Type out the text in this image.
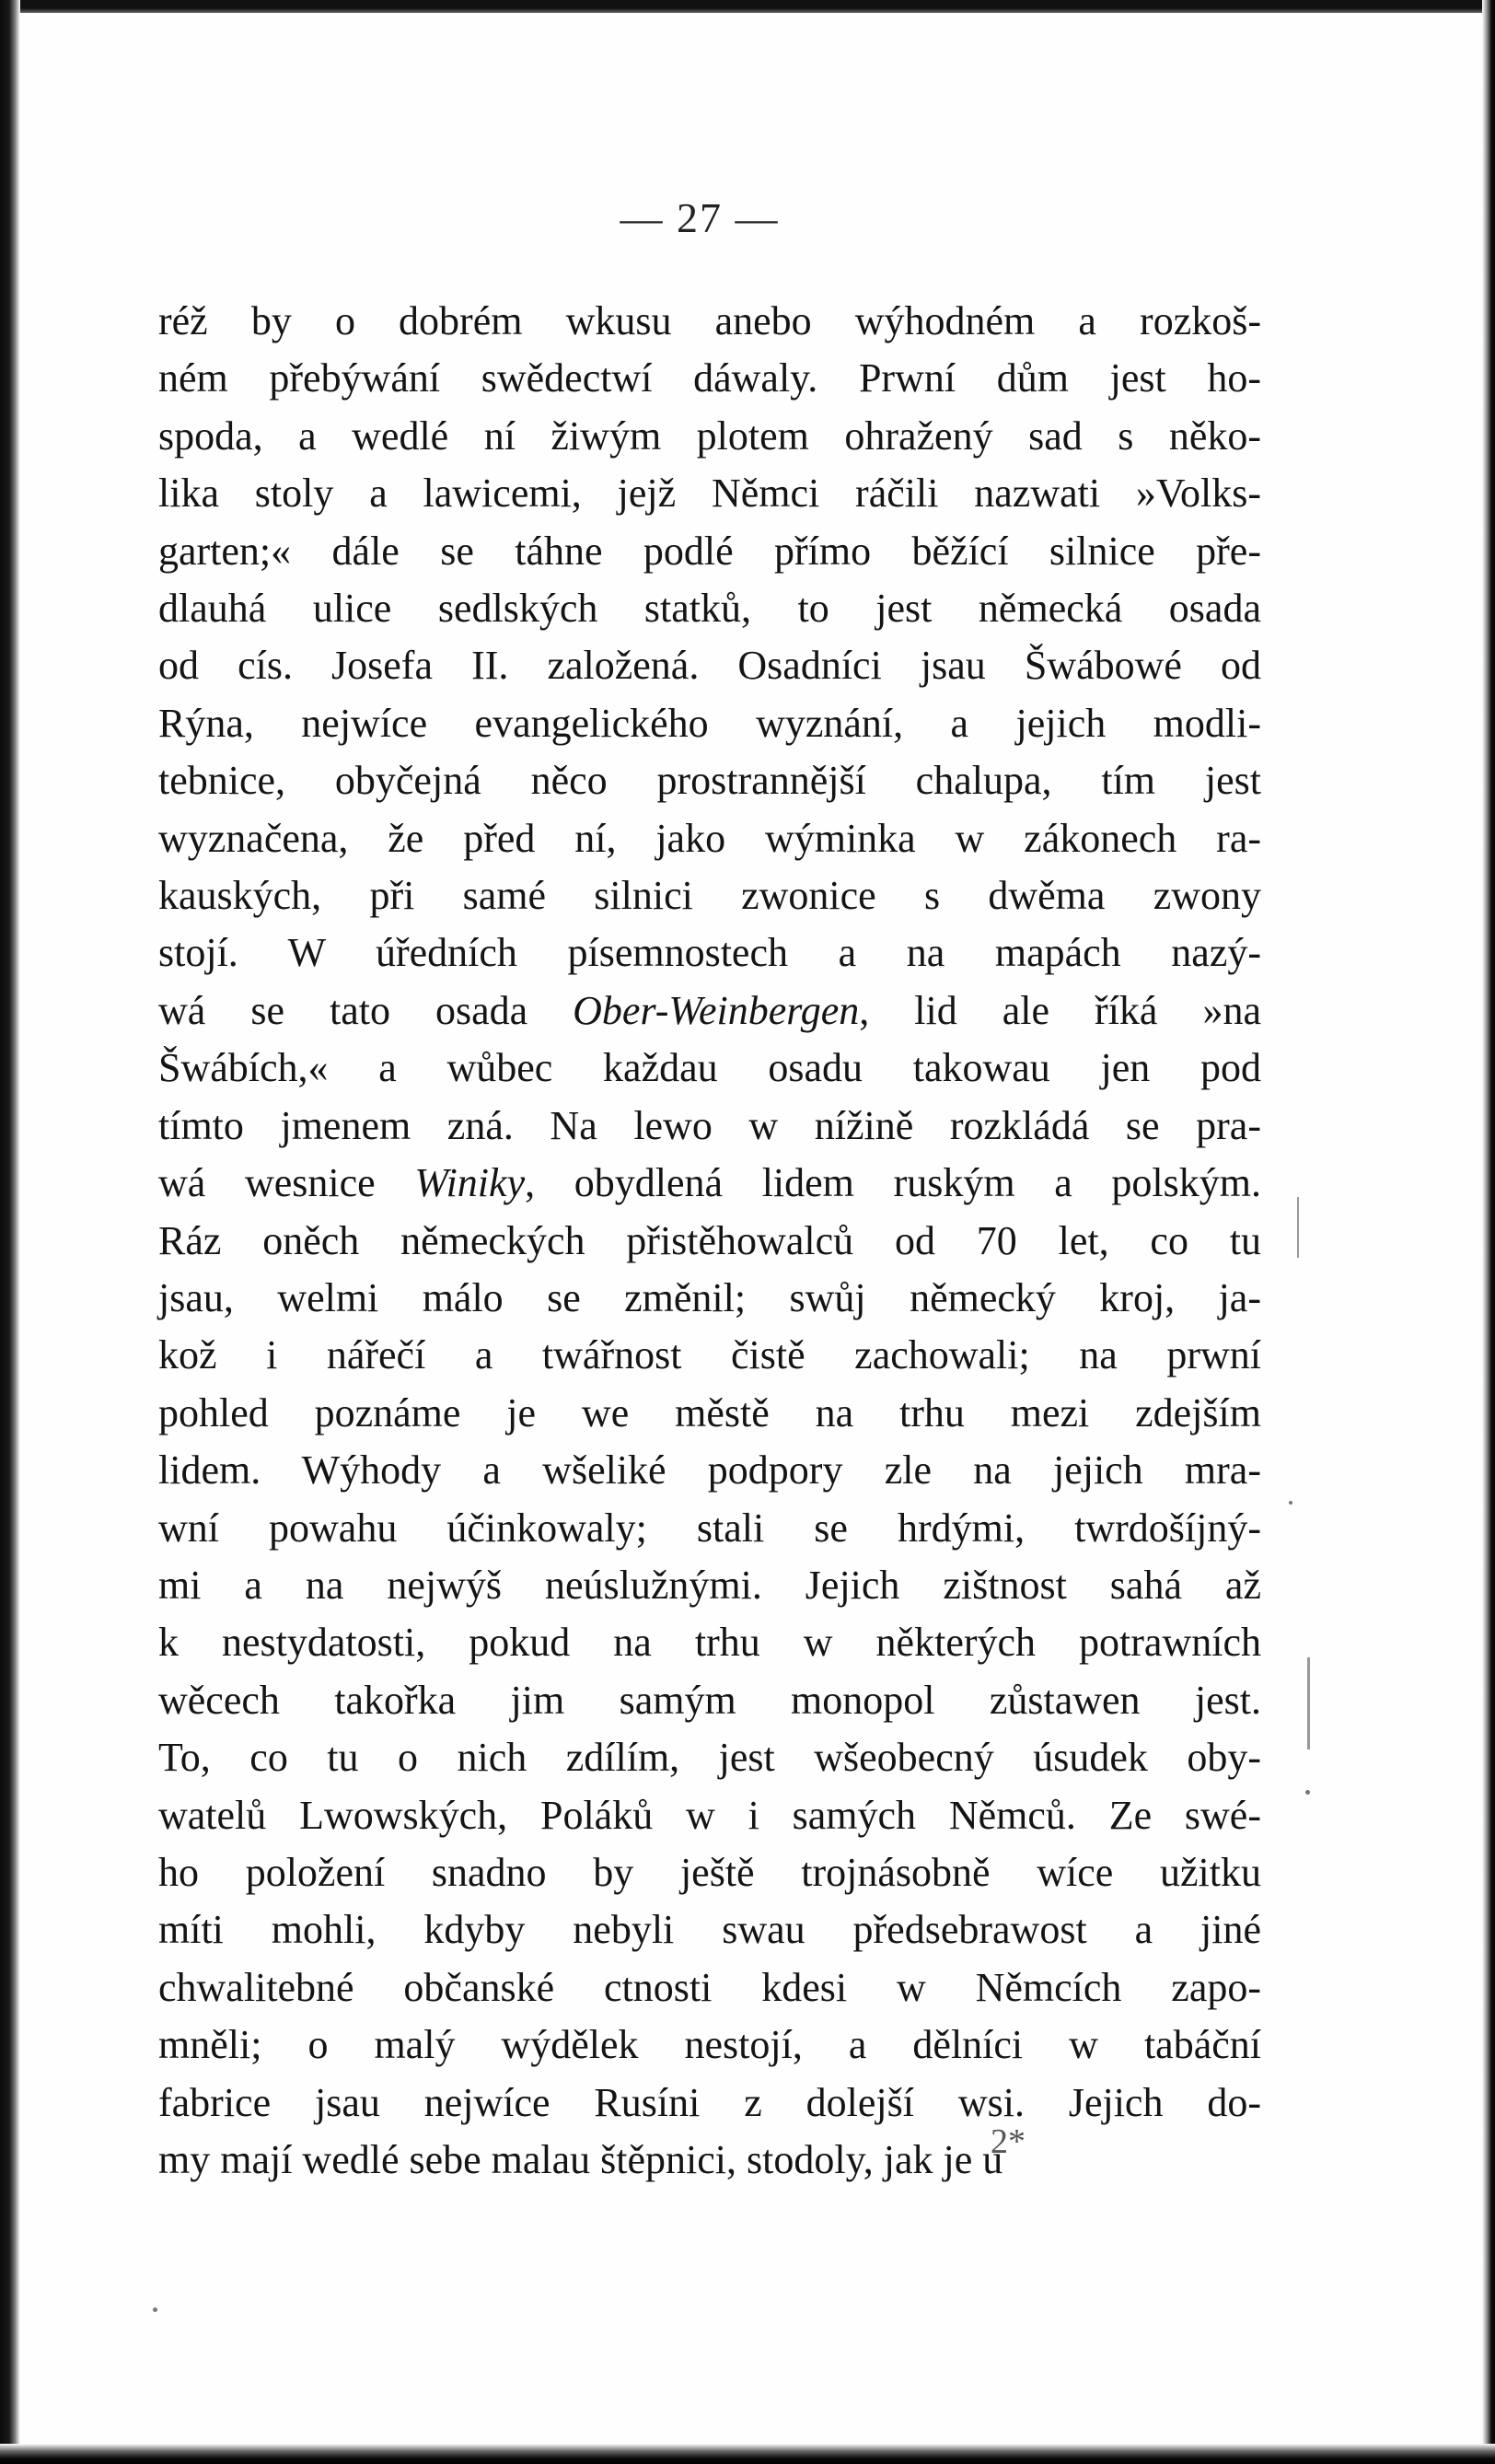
— 27 —
réž by o dobrém wkusu anebo wýhodném a rozkoš-
ném přebýwání swědectwí dáwaly. Prwní dům jest ho-
spoda, a wedlé ní žiwým plotem ohražený sad s něko-
lika stoly a lawicemi, jejž Němci ráčili nazwati »Volks-
garten;« dále se táhne podlé přímo běžící silnice pře-
dlauhá ulice sedlských statků, to jest německá osada
od cís. Josefa II. založená. Osadníci jsau Šwábowé od
Rýna, nejwíce evangelického wyznání, a jejich modli-
tebnice, obyčejná něco prostrannější chalupa, tím jest
wyznačena, že před ní, jako wýminka w zákonech ra-
kauských, při samé silnici zwonice s dwěma zwony
stojí. W úředních písemnostech a na mapách nazý-
wá se tato osada Ober-Weinbergen, lid ale říká »na
Šwábích,« a wůbec každau osadu takowau jen pod
tímto jmenem zná. Na lewo w nížině rozkládá se pra-
wá wesnice Winiky, obydlená lidem ruským a polským.
Ráz oněch německých přistěhowalců od 70 let, co tu
jsau, welmi málo se změnil; swůj německý kroj, ja-
kož i nářečí a twářnost čistě zachowali; na prwní
pohled poznáme je we městě na trhu mezi zdejším
lidem. Wýhody a wšeliké podpory zle na jejich mra-
wní powahu účinkowaly; stali se hrdými, twrdošíjný-
mi a na nejwýš neúslužnými. Jejich zištnost sahá až
k nestydatosti, pokud na trhu w některých potrawních
wěcech takořka jim samým monopol zůstawen jest.
To, co tu o nich zdílím, jest wšeobecný úsudek oby-
watelů Lwowských, Poláků w i samých Němců. Ze swé-
ho položení snadno by ještě trojnásobně wíce užitku
míti mohli, kdyby nebyli swau předsebrawost a jiné
chwalitebné občanské ctnosti kdesi w Němcích zapo-
mněli; o malý wýdělek nestojí, a dělníci w tabáční
fabrice jsau nejwíce Rusíni z dolejší wsi. Jejich do-
my mají wedlé sebe malau štěpnici, stodoly, jak je u
2*
